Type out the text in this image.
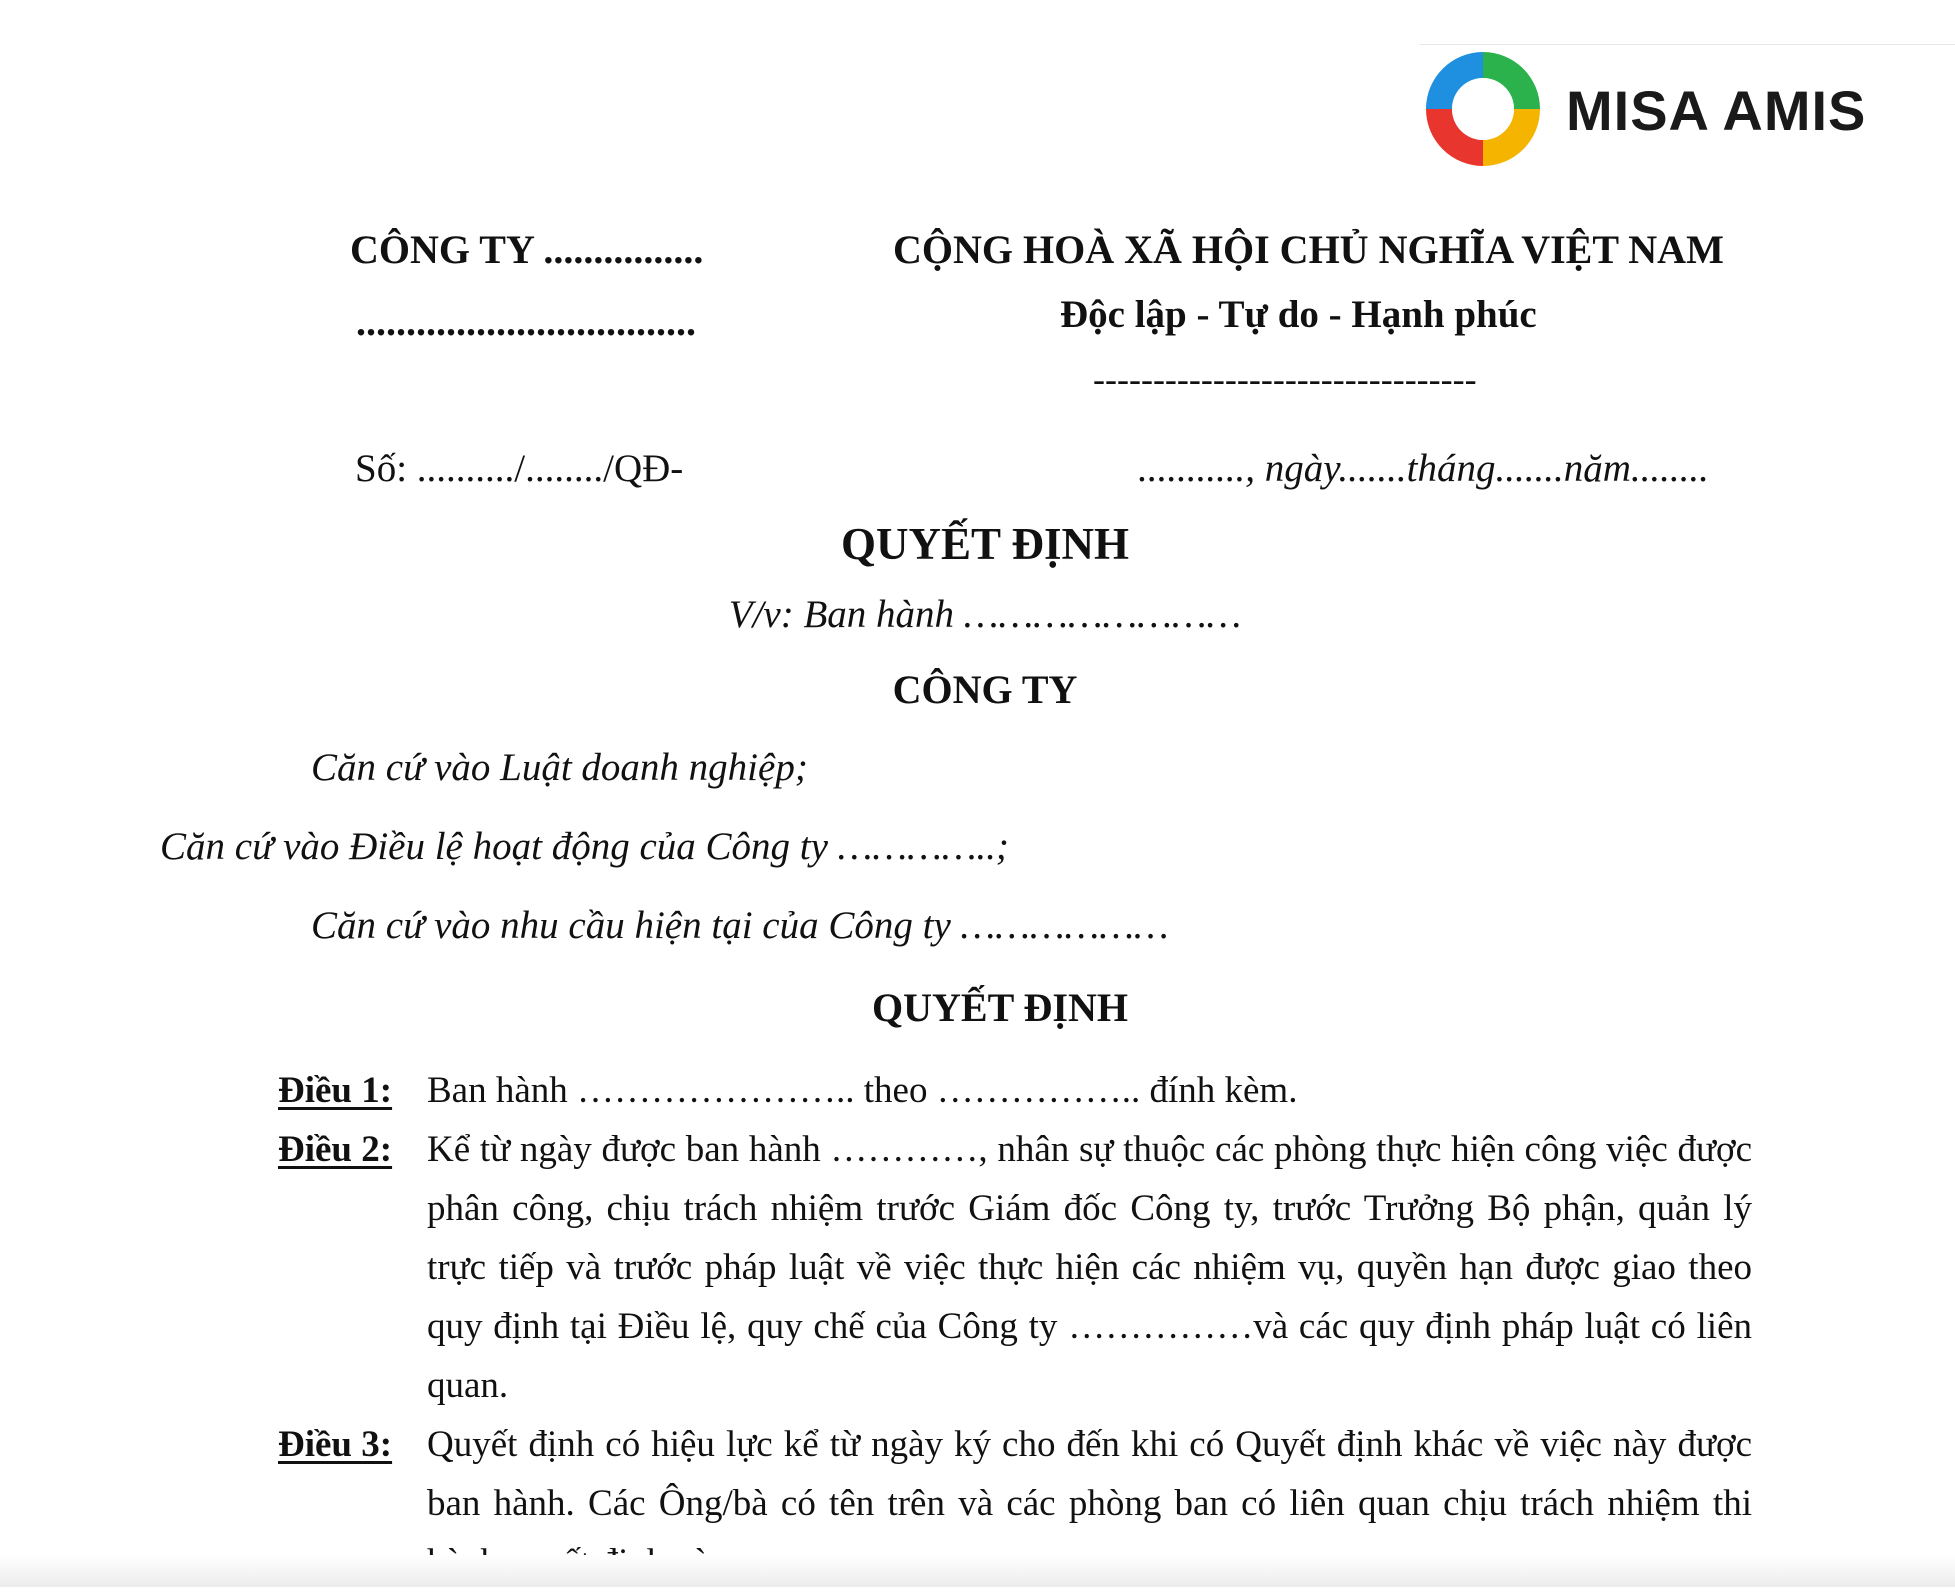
MISA AMIS
CÔNG TY ................
..................................
CỘNG HOÀ XÃ HỘI CHỦ NGHĨA VIỆT NAM
Độc lập - Tự do - Hạnh phúc
--------------------------------
Số: ........../......../QĐ-	..........., ngày.......tháng.......năm........
QUYẾT ĐỊNH
V/v: Ban hành ……………………
CÔNG TY
Căn cứ vào Luật doanh nghiệp;
Căn cứ vào Điều lệ hoạt động của Công ty …………..;
Căn cứ vào nhu cầu hiện tại của Công ty ………………
QUYẾT ĐỊNH
Điều 1: Ban hành ………………….. theo …………….. đính kèm.
Điều 2: Kể từ ngày được ban hành …………, nhân sự thuộc các phòng thực hiện công việc được phân công, chịu trách nhiệm trước Giám đốc Công ty, trước Trưởng Bộ phận, quản lý trực tiếp và trước pháp luật về việc thực hiện các nhiệm vụ, quyền hạn được giao theo quy định tại Điều lệ, quy chế của Công ty ……………và các quy định pháp luật có liên quan.
Điều 3: Quyết định có hiệu lực kể từ ngày ký cho đến khi có Quyết định khác về việc này được ban hành. Các Ông/bà có tên trên và các phòng ban có liên quan chịu trách nhiệm thi
